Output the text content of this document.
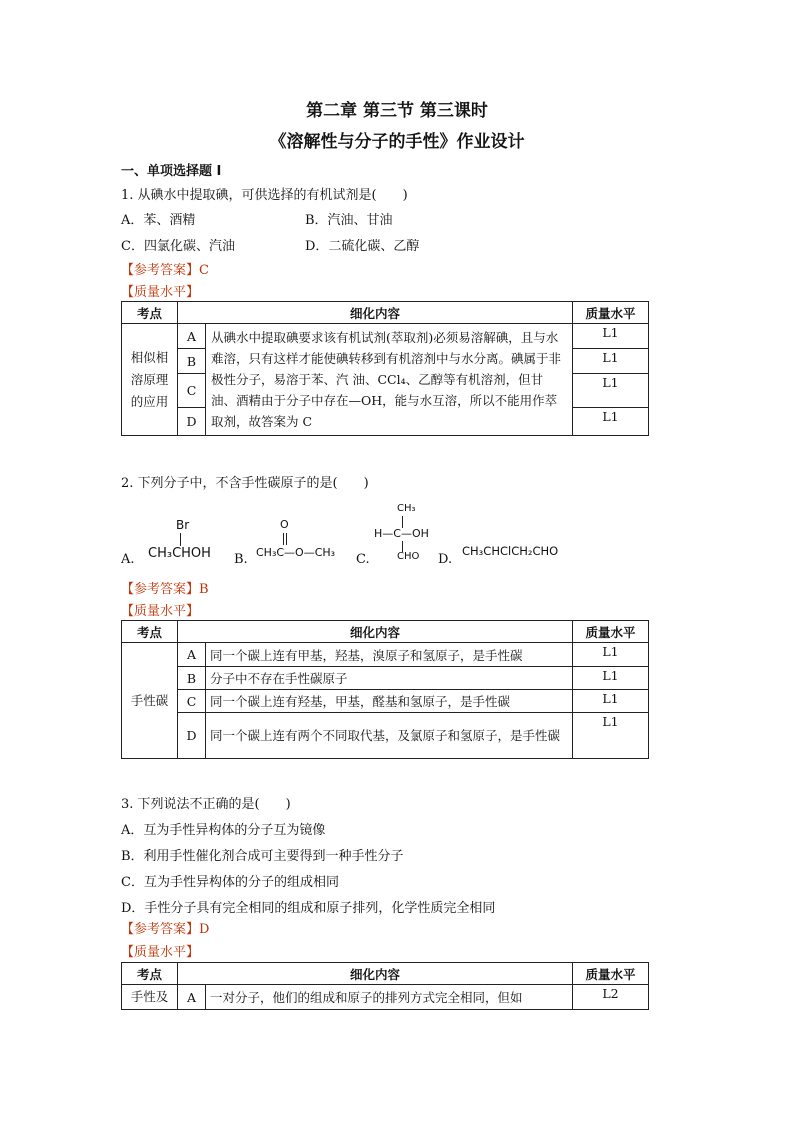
第二章 第三节 第三课时
《溶解性与分子的手性》作业设计
一、单项选择题 I
1. 从碘水中提取碘，可供选择的有机试剂是(　　)
A．苯、酒精	B．汽油、甘油
C．四氯化碳、汽油	D．二硫化碳、乙醇
【参考答案】C
【质量水平】
考点	细化内容		质量水平
相似相溶原理的应用	A	从碘水中提取碘要求该有机试剂(萃取剂)必须易溶解碘，且与水难溶，只有这样才能使碘转移到有机溶剂中与水分离。碘属于非 极性分子，易溶于苯、汽 油、CCl₄、乙醇等有机溶剂，但甘油、酒精由于分子中存在—OH，能与水互溶，所以不能用作萃取剂，故答案为 C	L1
	B		L1
	C		L1
	D		L1
2. 下列分子中，不含手性碳原子的是(　　)
A.
Br
CH₃CHOH B.
O
CH₃C—O—CH₃ C.
CH₃
H—C—OH
CHO D.
CH₃CHClCH₂CHO
【参考答案】B
【质量水平】
考点	细化内容		质量水平
手性碳	A	同一个碳上连有甲基，羟基，溴原子和氢原子，是手性碳	L1
	B	分子中不存在手性碳原子	L1
	C	同一个碳上连有羟基，甲基，醛基和氢原子，是手性碳	L1
	D	同一个碳上连有两个不同取代基，及氯原子和氢原子，是手性碳	L1
3. 下列说法不正确的是(　　)
A．互为手性异构体的分子互为镜像
B．利用手性催化剂合成可主要得到一种手性分子
C．互为手性异构体的分子的组成相同
D．手性分子具有完全相同的组成和原子排列，化学性质完全相同
【参考答案】D
【质量水平】
考点	细化内容		质量水平
手性及	A	一对分子，他们的组成和原子的排列方式完全相同，但如	L2
